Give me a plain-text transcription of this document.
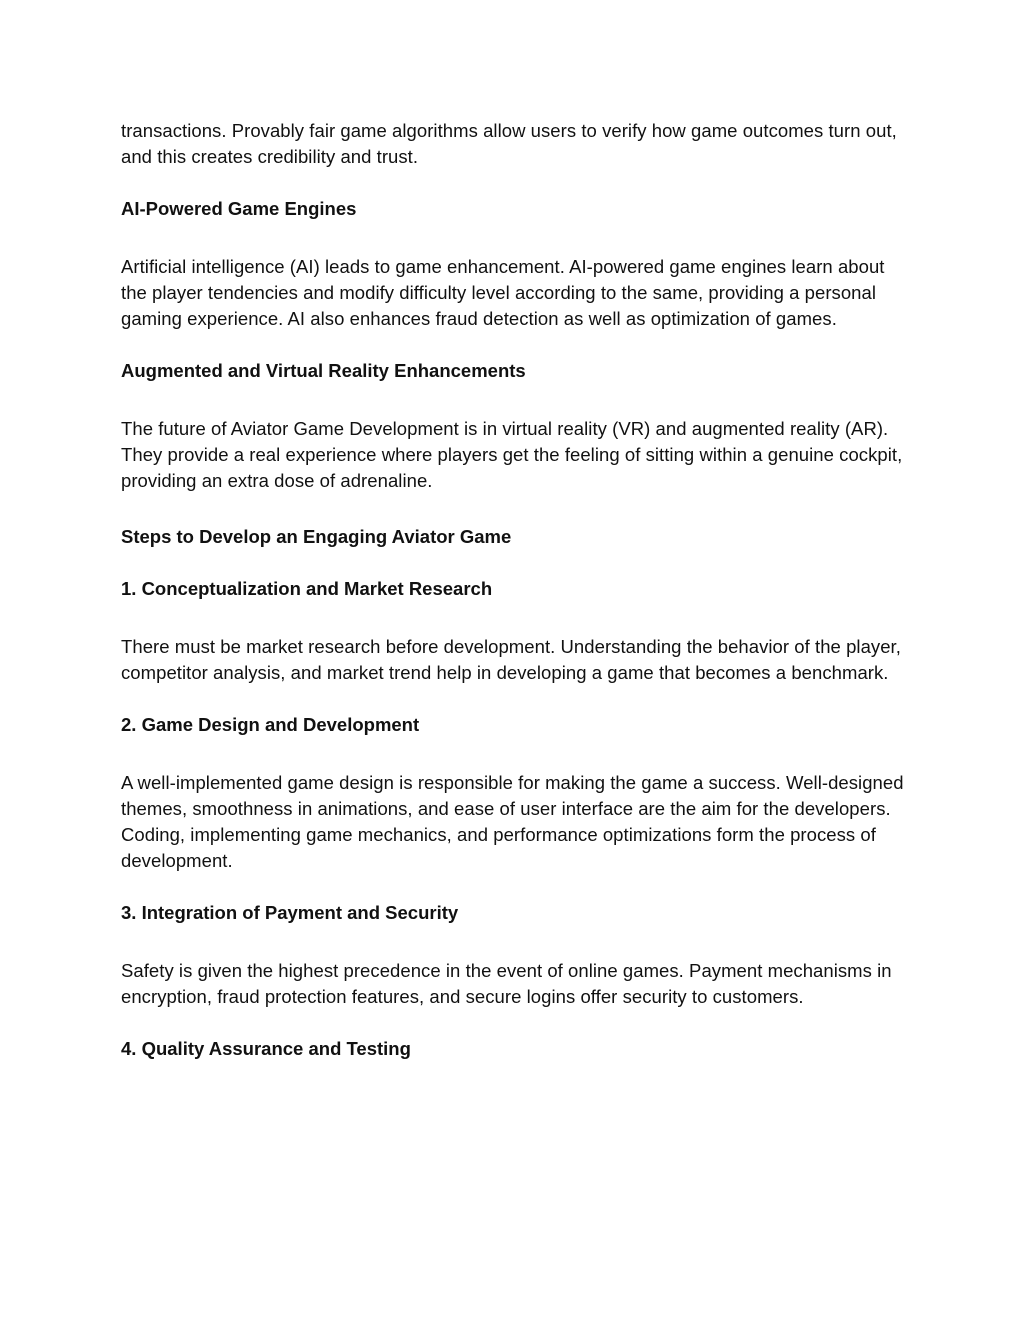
transactions. Provably fair game algorithms allow users to verify how game outcomes turn out, and this creates credibility and trust.

AI-Powered Game Engines

Artificial intelligence (AI) leads to game enhancement. AI-powered game engines learn about the player tendencies and modify difficulty level according to the same, providing a personal gaming experience. AI also enhances fraud detection as well as optimization of games.

Augmented and Virtual Reality Enhancements

The future of Aviator Game Development is in virtual reality (VR) and augmented reality (AR). They provide a real experience where players get the feeling of sitting within a genuine cockpit, providing an extra dose of adrenaline.

Steps to Develop an Engaging Aviator Game
1. Conceptualization and Market Research

There must be market research before development. Understanding the behavior of the player, competitor analysis, and market trend help in developing a game that becomes a benchmark.

2. Game Design and Development

A well-implemented game design is responsible for making the game a success. Well-designed themes, smoothness in animations, and ease of user interface are the aim for the developers. Coding, implementing game mechanics, and performance optimizations form the process of development.

3. Integration of Payment and Security

Safety is given the highest precedence in the event of online games. Payment mechanisms in encryption, fraud protection features, and secure logins offer security to customers.

4. Quality Assurance and Testing
